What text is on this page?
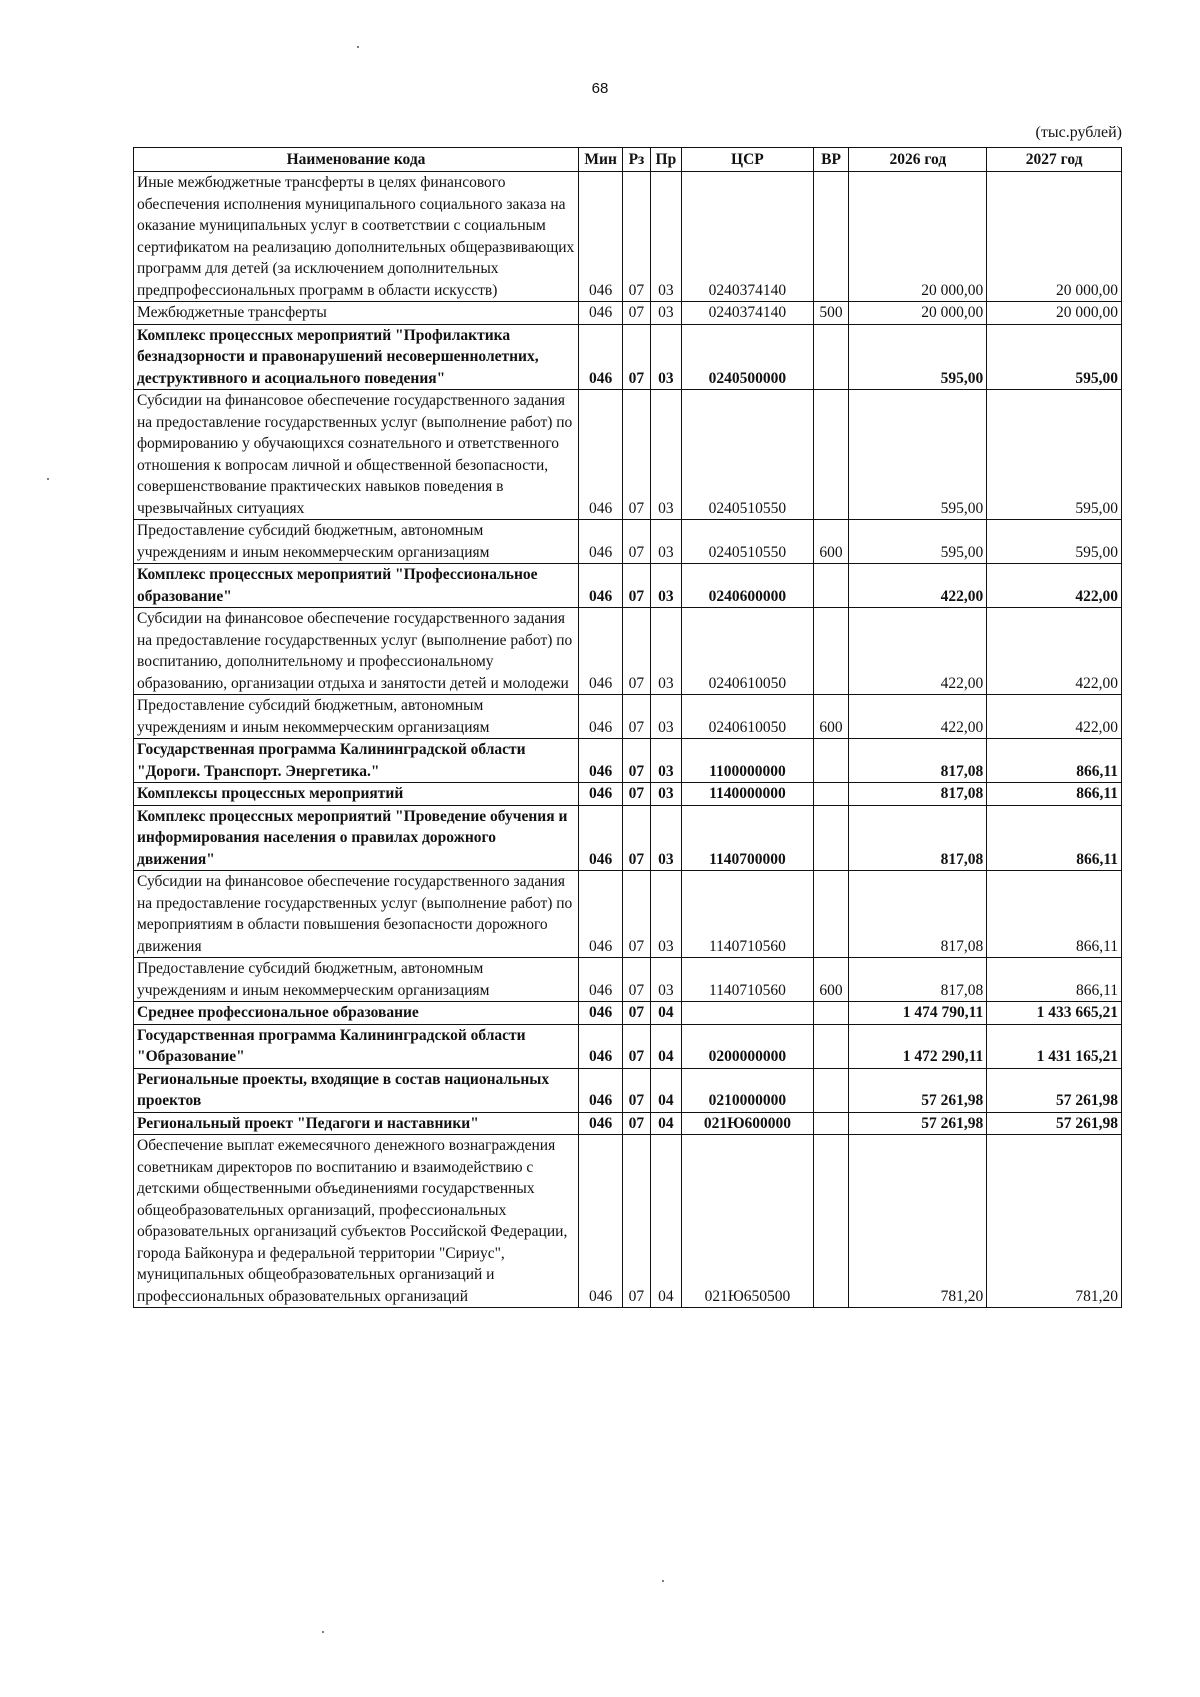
68
(тыс.рублей)
Наименование кода	Мин	Рз	Пр	ЦСР	ВР	2026 год	2027 год
Иные межбюджетные трансферты в целях финансового обеспечения исполнения муниципального социального заказа на оказание муниципальных услуг в соответствии с социальным сертификатом на реализацию дополнительных общеразвивающих программ для детей (за исключением дополнительных предпрофессиональных программ в области искусств)	046	07	03	0240374140		20 000,00	20 000,00
Межбюджетные трансферты	046	07	03	0240374140	500	20 000,00	20 000,00
Комплекс процессных мероприятий "Профилактика безнадзорности и правонарушений несовершеннолетних, деструктивного и асоциального поведения"	046	07	03	0240500000		595,00	595,00
Субсидии на финансовое обеспечение государственного задания на предоставление государственных услуг (выполнение работ) по формированию у обучающихся сознательного и ответственного отношения к вопросам личной и общественной безопасности, совершенствование практических навыков поведения в чрезвычайных ситуациях	046	07	03	0240510550		595,00	595,00
Предоставление субсидий бюджетным, автономным учреждениям и иным некоммерческим организациям	046	07	03	0240510550	600	595,00	595,00
Комплекс процессных мероприятий "Профессиональное образование"	046	07	03	0240600000		422,00	422,00
Субсидии на финансовое обеспечение государственного задания на предоставление государственных услуг (выполнение работ) по воспитанию, дополнительному и профессиональному образованию, организации отдыха и занятости детей и молодежи	046	07	03	0240610050		422,00	422,00
Предоставление субсидий бюджетным, автономным учреждениям и иным некоммерческим организациям	046	07	03	0240610050	600	422,00	422,00
Государственная программа Калининградской области "Дороги. Транспорт. Энергетика."	046	07	03	1100000000		817,08	866,11
Комплексы процессных мероприятий	046	07	03	1140000000		817,08	866,11
Комплекс процессных мероприятий "Проведение обучения и информирования населения о правилах дорожного движения"	046	07	03	1140700000		817,08	866,11
Субсидии на финансовое обеспечение государственного задания на предоставление государственных услуг (выполнение работ) по мероприятиям в области повышения безопасности дорожного движения	046	07	03	1140710560		817,08	866,11
Предоставление субсидий бюджетным, автономным учреждениям и иным некоммерческим организациям	046	07	03	1140710560	600	817,08	866,11
Среднее профессиональное образование	046	07	04			1 474 790,11	1 433 665,21
Государственная программа Калининградской области "Образование"	046	07	04	0200000000		1 472 290,11	1 431 165,21
Региональные проекты, входящие в состав национальных проектов	046	07	04	0210000000		57 261,98	57 261,98
Региональный проект "Педагоги и наставники"	046	07	04	021Ю600000		57 261,98	57 261,98
Обеспечение выплат ежемесячного денежного вознаграждения советникам директоров по воспитанию и взаимодействию с детскими общественными объединениями государственных общеобразовательных организаций, профессиональных образовательных организаций субъектов Российской Федерации, города Байконура и федеральной территории "Сириус", муниципальных общеобразовательных организаций и профессиональных образовательных организаций	046	07	04	021Ю650500		781,20	781,20
